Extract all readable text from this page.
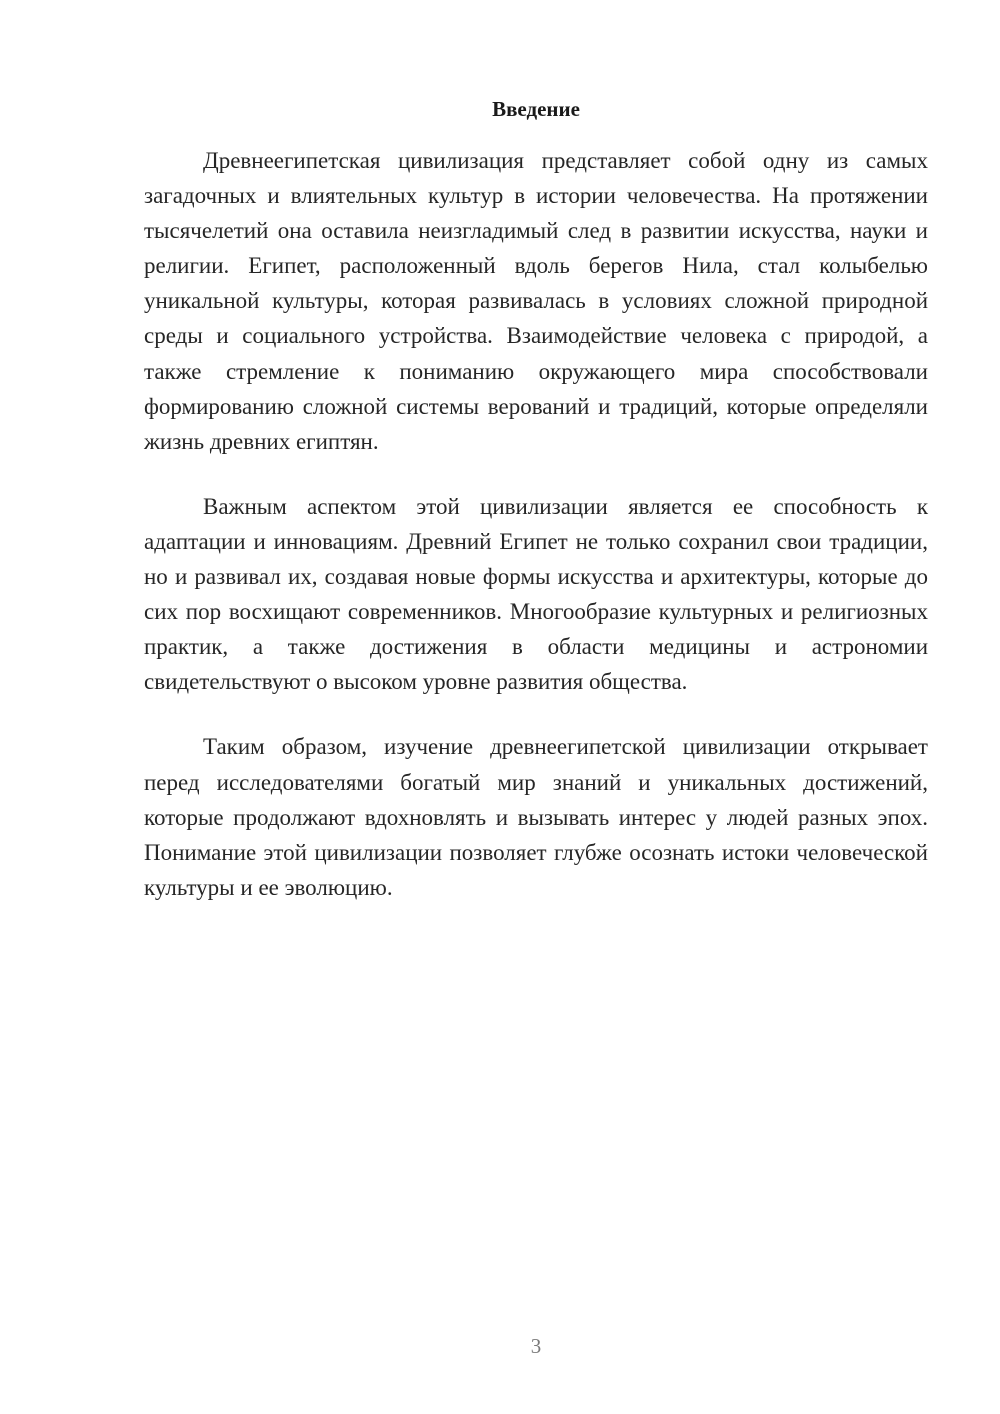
Введение

Древнеегипетская цивилизация представляет собой одну из самых загадочных и влиятельных культур в истории человечества. На протяжении тысячелетий она оставила неизгладимый след в развитии искусства, науки и религии. Египет, расположенный вдоль берегов Нила, стал колыбелью уникальной культуры, которая развивалась в условиях сложной природной среды и социального устройства. Взаимодействие человека с природой, а также стремление к пониманию окружающего мира способствовали формированию сложной системы верований и традиций, которые определяли жизнь древних египтян.

Важным аспектом этой цивилизации является ее способность к адаптации и инновациям. Древний Египет не только сохранил свои традиции, но и развивал их, создавая новые формы искусства и архитектуры, которые до сих пор восхищают современников. Многообразие культурных и религиозных практик, а также достижения в области медицины и астрономии свидетельствуют о высоком уровне развития общества.

Таким образом, изучение древнеегипетской цивилизации открывает перед исследователями богатый мир знаний и уникальных достижений, которые продолжают вдохновлять и вызывать интерес у людей разных эпох. Понимание этой цивилизации позволяет глубже осознать истоки человеческой культуры и ее эволюцию.

3
